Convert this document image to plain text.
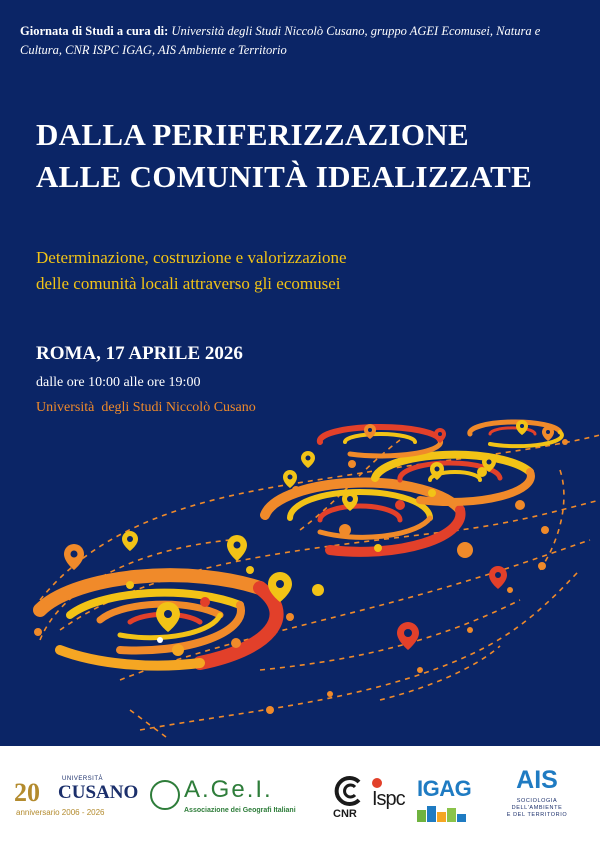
Giornata di Studi a cura di: Università degli Studi Niccolò Cusano, gruppo AGEI Ecomusei, Natura e Cultura, CNR ISPC IGAG, AIS Ambiente e Territorio
DALLA PERIFERIZZAZIONE
ALLE COMUNITÀ IDEALIZZATE
Determinazione, costruzione e valorizzazione
delle comunità locali attraverso gli ecomusei
ROMA, 17 APRILE 2026
dalle ore 10:00 alle ore 19:00
Università  degli Studi Niccolò Cusano
20	UNIVERSITÀ
CUSANO
anniversario 2006 - 2026
A.Ge.I.
Associazione dei Geografi Italiani	CNR
Ispc IGAG	AIS
SOCIOLOGIA
DELL'AMBIENTE
E DEL TERRITORIO
